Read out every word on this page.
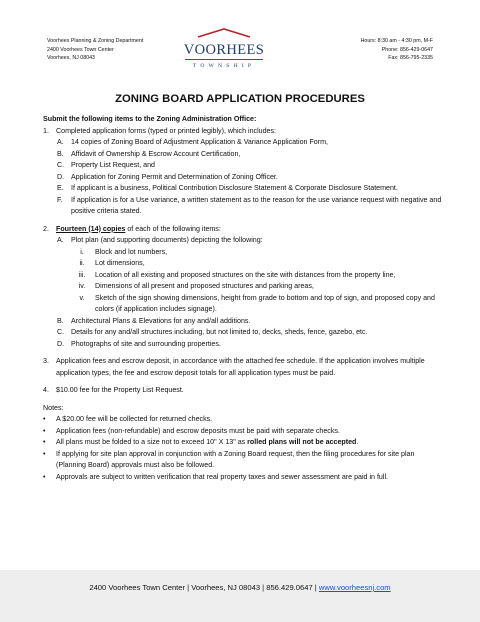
Voorhees Planning & Zoning Department
2400 Voorhees Town Center
Voorhees, NJ 08043
VOORHEES
TOWNSHIP
Hours: 8:30 am - 4:30 pm, M-F
Phone: 856-429-0647
Fax: 856-795-2335
ZONING BOARD APPLICATION PROCEDURES

Submit the following items to the Zoning Administration Office:

1. Completed application forms (typed or printed legibly), which includes:
A.	14 copies of Zoning Board of Adjustment Application & Variance Application Form,
B.	Affidavit of Ownership & Escrow Account Certification,
C. Property List Request, and
D. Application for Zoning Permit and Determination of Zoning Officer.
E.	If applicant is a business, Political Contribution Disclosure Statement & Corporate Disclosure Statement.
F.	If application is for a Use variance, a written statement as to the reason for the use variance request with negative and positive criteria stated.
2. Fourteen (14) copies of each of the following items:
A.	Plot plan (and supporting documents) depicting the following:
i.	Block and lot numbers,
ii.	Lot dimensions,
iii.	Location of all existing and proposed structures on the site with distances from the property line,
iv.	Dimensions of all present and proposed structures and parking areas,
v.	Sketch of the sign showing dimensions, height from grade to bottom and top of sign, and proposed copy and colors (if application includes signage).
B.	Architectural Plans & Elevations for any and/all additions.
C. Details for any and/all structures including, but not limited to, decks, sheds, fence, gazebo, etc.
D. Photographs of site and surrounding properties.
3. Application fees and escrow deposit, in accordance with the attached fee schedule. If the application involves multiple application types, the fee and escrow deposit totals for all application types must be paid.
4. $10.00 fee for the Property List Request.

Notes:

•	A $20.00 fee will be collected for returned checks.
•	Application fees (non-refundable) and escrow deposits must be paid with separate checks.
•	All plans must be folded to a size not to exceed 10" X 13" as rolled plans will not be accepted.
•	If applying for site plan approval in conjunction with a Zoning Board request, then the filing procedures for site plan (Planning Board) approvals must also be followed.
•	Approvals are subject to written verification that real property taxes and sewer assessment are paid in full.
2400 Voorhees Town Center | Voorhees, NJ 08043 | 856.429.0647 | www.voorheesnj.com
